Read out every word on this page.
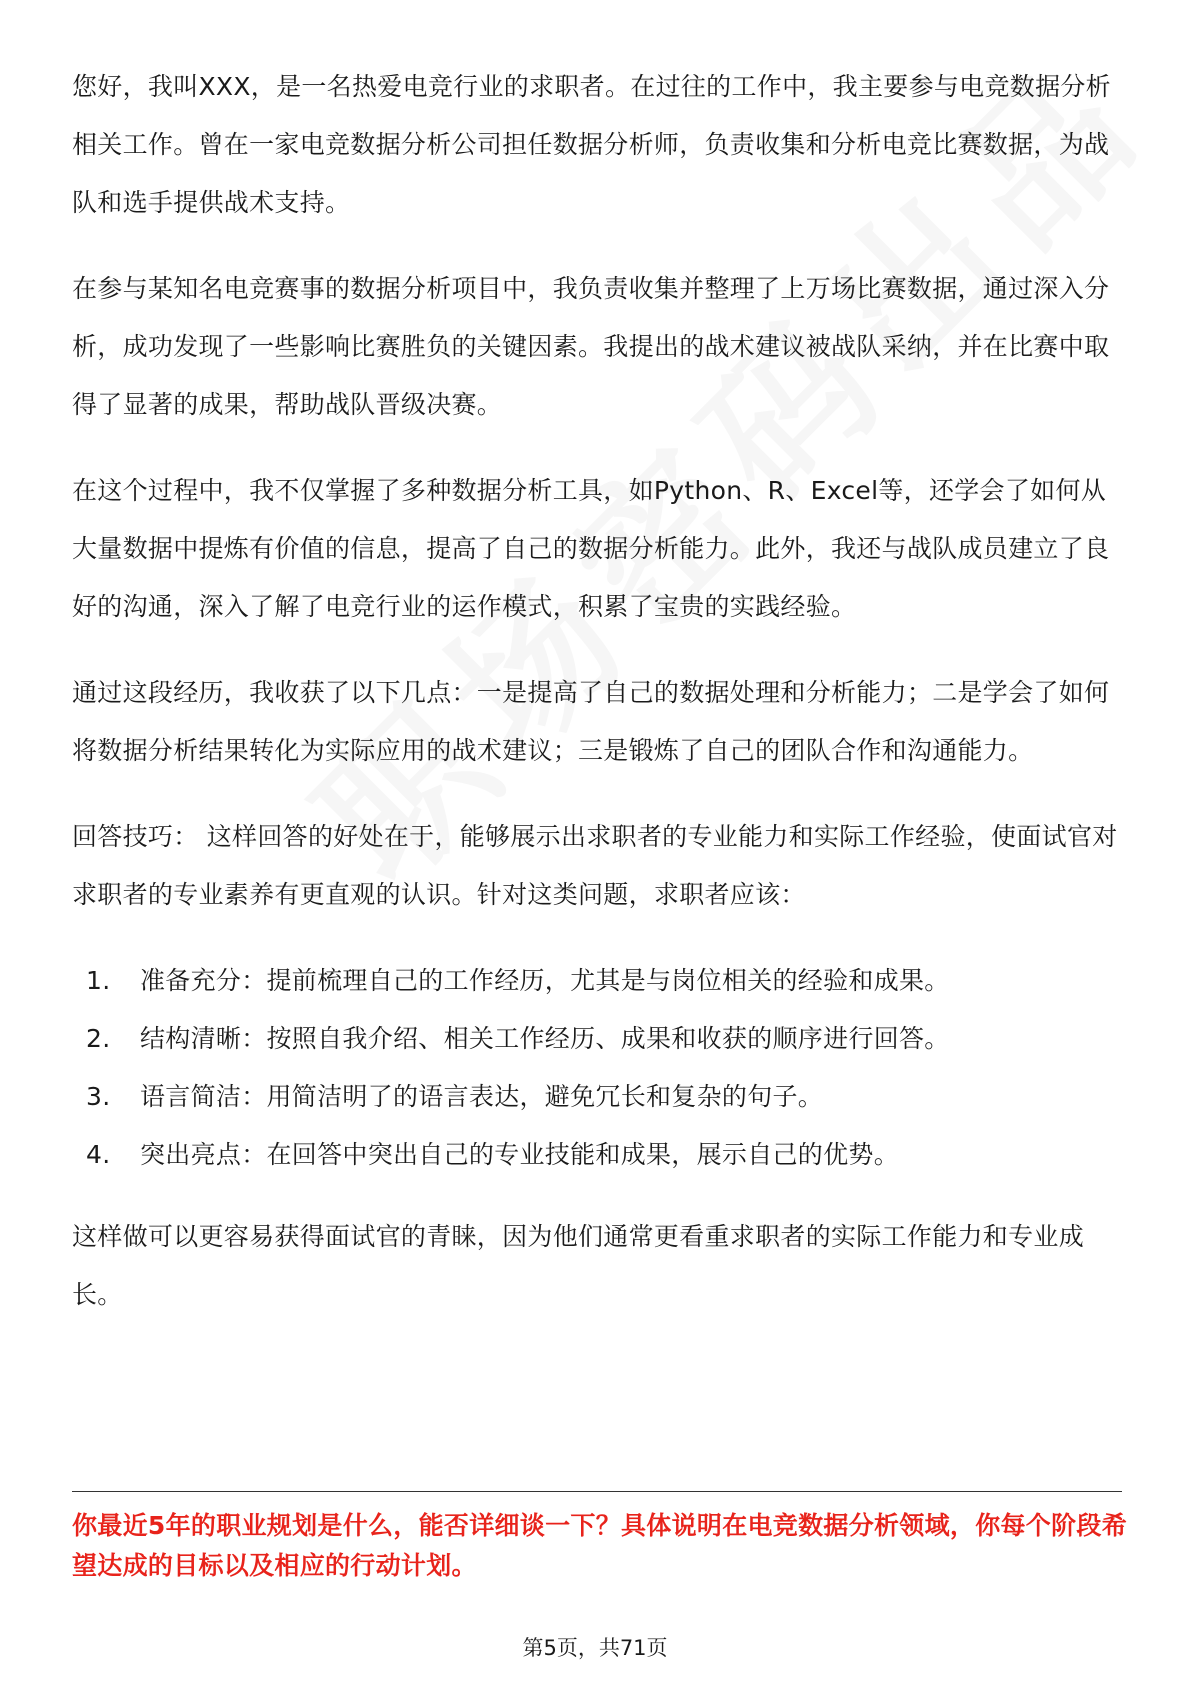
您好，我叫XXX，是一名热爱电竞行业的求职者。在过往的工作中，我主要参与电竞数据分析相关工作。曾在一家电竞数据分析公司担任数据分析师，负责收集和分析电竞比赛数据，为战队和选手提供战术支持。

在参与某知名电竞赛事的数据分析项目中，我负责收集并整理了上万场比赛数据，通过深入分析，成功发现了一些影响比赛胜负的关键因素。我提出的战术建议被战队采纳，并在比赛中取得了显著的成果，帮助战队晋级决赛。

在这个过程中，我不仅掌握了多种数据分析工具，如Python、R、Excel等，还学会了如何从大量数据中提炼有价值的信息，提高了自己的数据分析能力。此外，我还与战队成员建立了良好的沟通，深入了解了电竞行业的运作模式，积累了宝贵的实践经验。

通过这段经历，我收获了以下几点：一是提高了自己的数据处理和分析能力；二是学会了如何将数据分析结果转化为实际应用的战术建议；三是锻炼了自己的团队合作和沟通能力。

回答技巧： 这样回答的好处在于，能够展示出求职者的专业能力和实际工作经验，使面试官对求职者的专业素养有更直观的认识。针对这类问题，求职者应该：

1.	准备充分：提前梳理自己的工作经历，尤其是与岗位相关的经验和成果。
2.	结构清晰：按照自我介绍、相关工作经历、成果和收获的顺序进行回答。
3.	语言简洁：用简洁明了的语言表达，避免冗长和复杂的句子。
4.	突出亮点：在回答中突出自己的专业技能和成果，展示自己的优势。

这样做可以更容易获得面试官的青睐，因为他们通常更看重求职者的实际工作能力和专业成长。

你最近5年的职业规划是什么，能否详细谈一下？具体说明在电竞数据分析领域，你每个阶段希望达成的目标以及相应的行动计划。
第5页，共71页
